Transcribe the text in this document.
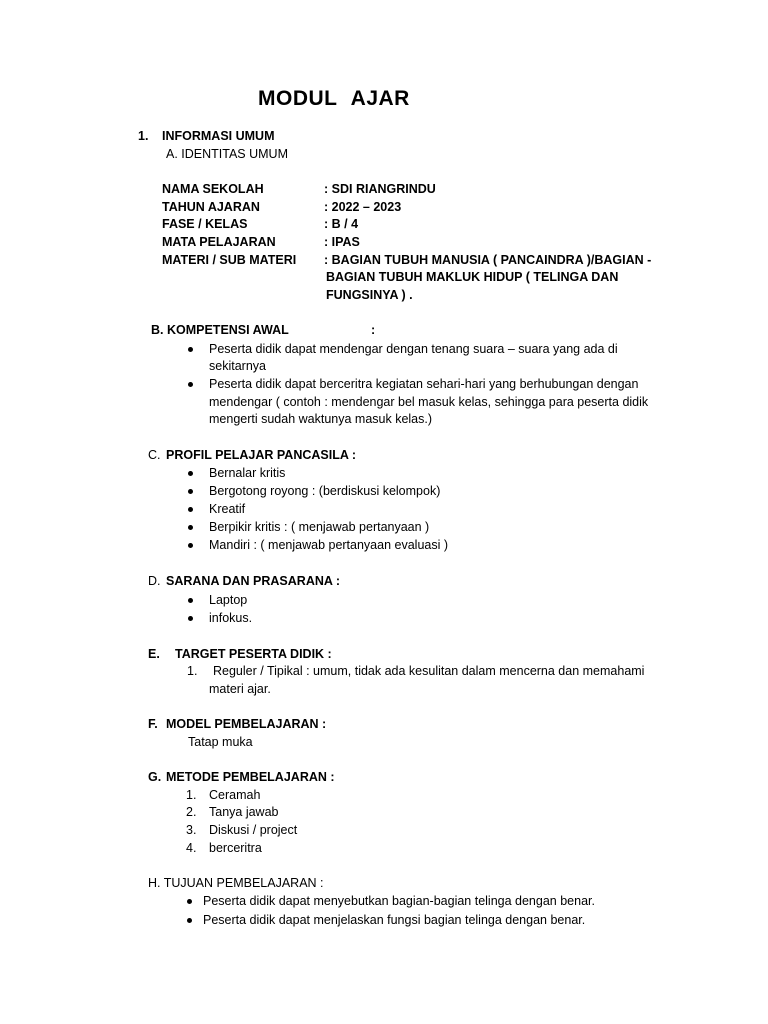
MODUL AJAR
1. INFORMASI UMUM
A. IDENTITAS UMUM
NAMA SEKOLAH	: SDI RIANGRINDU
TAHUN AJARAN	: 2022 – 2023
FASE / KELAS	: B / 4
MATA PELAJARAN	: IPAS
MATERI / SUB MATERI : BAGIAN TUBUH MANUSIA ( PANCAINDRA )/BAGIAN -
BAGIAN TUBUH MAKLUK HIDUP ( TELINGA DAN
FUNGSINYA ) .
B. KOMPETENSI AWAL	:
Peserta didik dapat mendengar dengan tenang suara – suara yang ada di
sekitarnya
Peserta didik dapat berceritra kegiatan sehari-hari yang berhubungan dengan
mendengar ( contoh : mendengar bel masuk kelas, sehingga para peserta didik
mengerti sudah waktunya masuk kelas.)
C. PROFIL PELAJAR PANCASILA :
Bernalar kritis
Bergotong royong : (berdiskusi kelompok)
Kreatif
Berpikir kritis : ( menjawab pertanyaan )
Mandiri : ( menjawab pertanyaan evaluasi )
D. SARANA DAN PRASARANA :
Laptop
infokus.
E. TARGET PESERTA DIDIK :
1. Reguler / Tipikal : umum, tidak ada kesulitan dalam mencerna dan memahami
materi ajar.
F. MODEL PEMBELAJARAN :
Tatap muka
G. METODE PEMBELAJARAN :
1. Ceramah
2. Tanya jawab
3. Diskusi / project
4. berceritra
H. TUJUAN PEMBELAJARAN :
Peserta didik dapat menyebutkan bagian-bagian telinga dengan benar.
Peserta didik dapat menjelaskan fungsi bagian telinga dengan benar.
